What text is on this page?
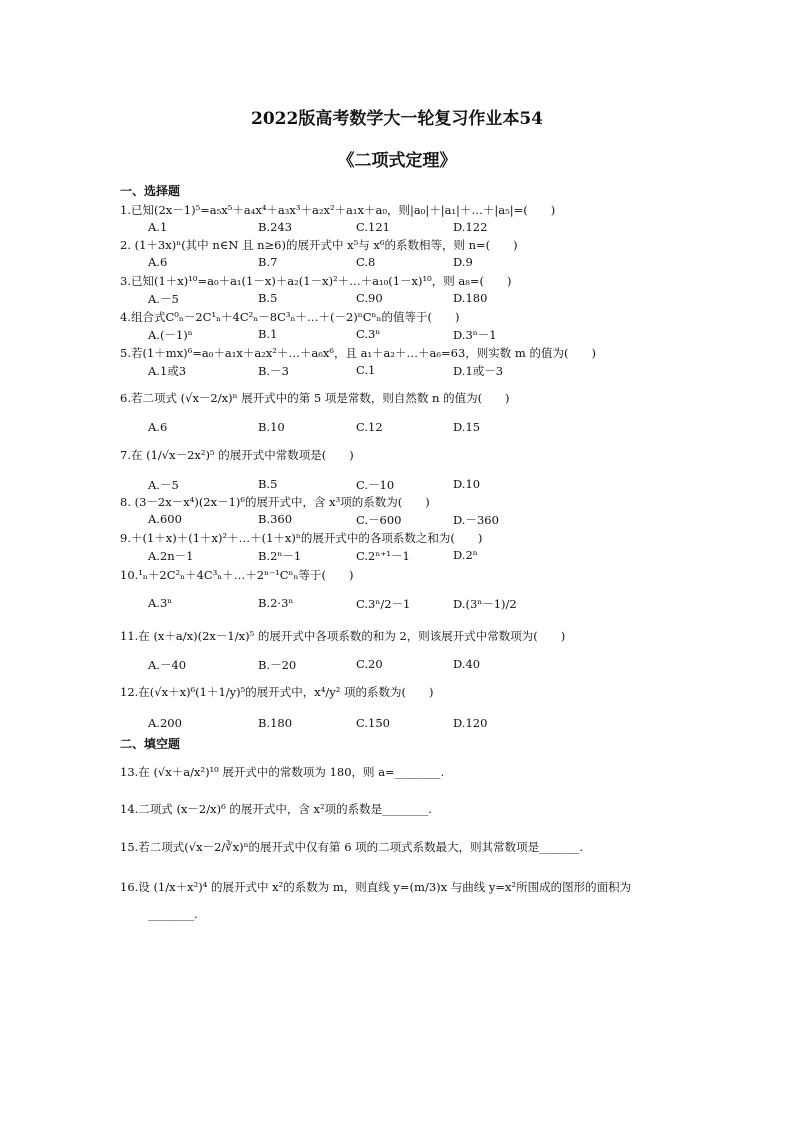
2022版高考数学大一轮复习作业本54
《二项式定理》
一、选择题
1.已知(2x－1)⁵=a₅x⁵＋a₄x⁴＋a₃x³＋a₂x²＋a₁x＋a₀，则|a₀|＋|a₁|＋…＋|a₅|=(　　)
A.1	B.243	C.121	D.122
2. (1＋3x)ⁿ(其中 n∈N 且 n≥6)的展开式中 x⁵与 x⁶的系数相等，则 n=(　　)
A.6	B.7	C.8	D.9
3.已知(1＋x)¹⁰=a₀＋a₁(1－x)＋a₂(1－x)²＋…＋a₁₀(1－x)¹⁰，则 a₈=(　　)
A.－5	B.5	C.90	D.180
4.组合式C⁰ₙ－2C¹ₙ＋4C²ₙ－8C³ₙ＋…＋(－2)ⁿCⁿₙ的值等于(　　)
A.(－1)ⁿ	B.1	C.3ⁿ	D.3ⁿ－1
5.若(1＋mx)⁶=a₀＋a₁x＋a₂x²＋…＋a₆x⁶，且 a₁＋a₂＋…＋a₆=63，则实数 m 的值为(　　)
A.1或3	B.－3	C.1	D.1或－3
6.若二项式 (√x－2/x)ⁿ 展开式中的第 5 项是常数，则自然数 n 的值为(　　)
A.6	B.10	C.12	D.15
7.在 (1/√x－2x²)⁵ 的展开式中常数项是(　　)
A.－5	B.5	C.－10	D.10
8. (3－2x－x⁴)(2x－1)⁶的展开式中，含 x³项的系数为(　　)
A.600	B.360	C.－600	D.－360
9.＋(1＋x)＋(1＋x)²＋…＋(1＋x)ⁿ的展开式中的各项系数之和为(　　)
A.2n－1	B.2ⁿ－1	C.2ⁿ⁺¹－1	D.2ⁿ
10.¹ₙ＋2C²ₙ＋4C³ₙ＋…＋2ⁿ⁻¹Cⁿₙ等于(　　)
A.3ⁿ	B.2·3ⁿ	C.3ⁿ/2－1	D.(3ⁿ－1)/2
11.在 (x＋a/x)(2x－1/x)⁵ 的展开式中各项系数的和为 2，则该展开式中常数项为(　　)
A.－40	B.－20	C.20	D.40
12.在(√x＋x)⁶(1＋1/y)⁵的展开式中，x⁴/y² 项的系数为(　　)
A.200	B.180	C.150	D.120
二、填空题
13.在 (√x＋a/x²)¹⁰ 展开式中的常数项为 180，则 a=________.
14.二项式 (x－2/x)⁶ 的展开式中，含 x²项的系数是________.
15.若二项式(√x－2/∛x)ⁿ的展开式中仅有第 6 项的二项式系数最大，则其常数项是_______.
16.设 (1/x＋x²)⁴ 的展开式中 x²的系数为 m，则直线 y=(m/3)x 与曲线 y=x²所围成的图形的面积为
________.
